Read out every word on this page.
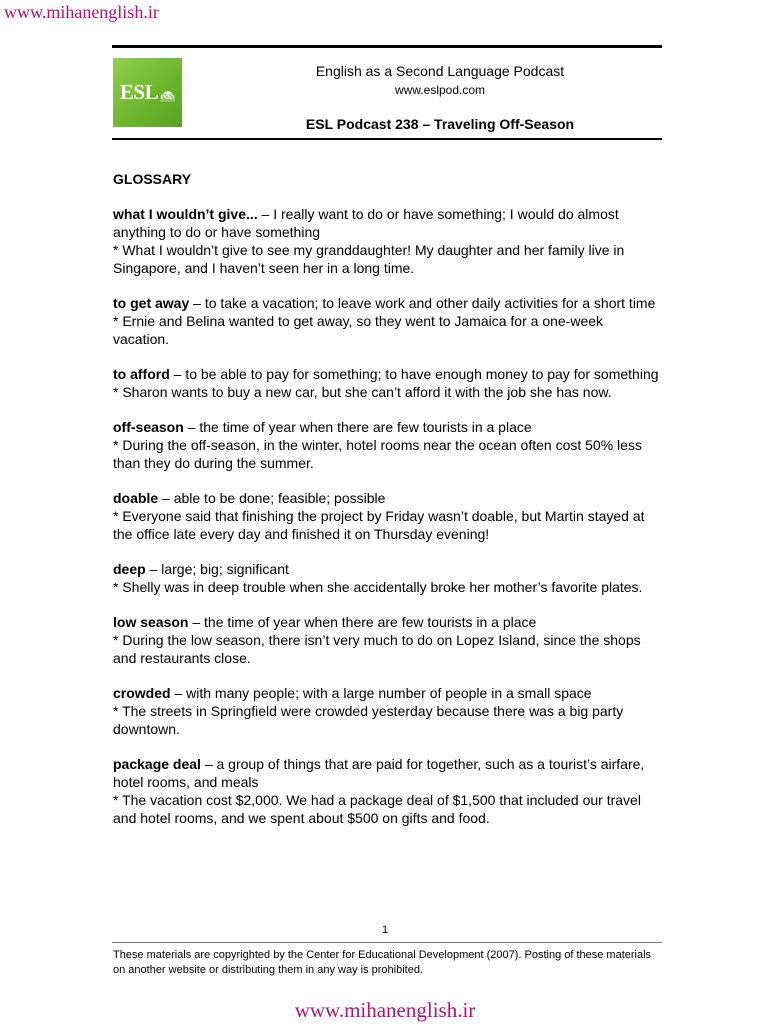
www.mihanenglish.ir
ESL POD
English as a Second Language Podcast
www.eslpod.com
ESL Podcast 238 – Traveling Off-Season
GLOSSARY

what I wouldn’t give... – I really want to do or have something; I would do almost anything to do or have something

* What I wouldn’t give to see my granddaughter! My daughter and her family live in Singapore, and I haven’t seen her in a long time.

to get away – to take a vacation; to leave work and other daily activities for a short time

* Ernie and Belina wanted to get away, so they went to Jamaica for a one-week vacation.

to afford – to be able to pay for something; to have enough money to pay for something

* Sharon wants to buy a new car, but she can’t afford it with the job she has now.

off-season – the time of year when there are few tourists in a place

* During the off-season, in the winter, hotel rooms near the ocean often cost 50% less than they do during the summer.

doable – able to be done; feasible; possible

* Everyone said that finishing the project by Friday wasn’t doable, but Martin stayed at the office late every day and finished it on Thursday evening!

deep – large; big; significant

* Shelly was in deep trouble when she accidentally broke her mother’s favorite plates.

low season – the time of year when there are few tourists in a place

* During the low season, there isn’t very much to do on Lopez Island, since the shops and restaurants close.

crowded – with many people; with a large number of people in a small space

* The streets in Springfield were crowded yesterday because there was a big party downtown.

package deal – a group of things that are paid for together, such as a tourist’s airfare, hotel rooms, and meals

* The vacation cost $2,000. We had a package deal of $1,500 that included our travel and hotel rooms, and we spent about $500 on gifts and food.

1
These materials are copyrighted by the Center for Educational Development (2007). Posting of these materials on another website or distributing them in any way is prohibited.
www.mihanenglish.ir
